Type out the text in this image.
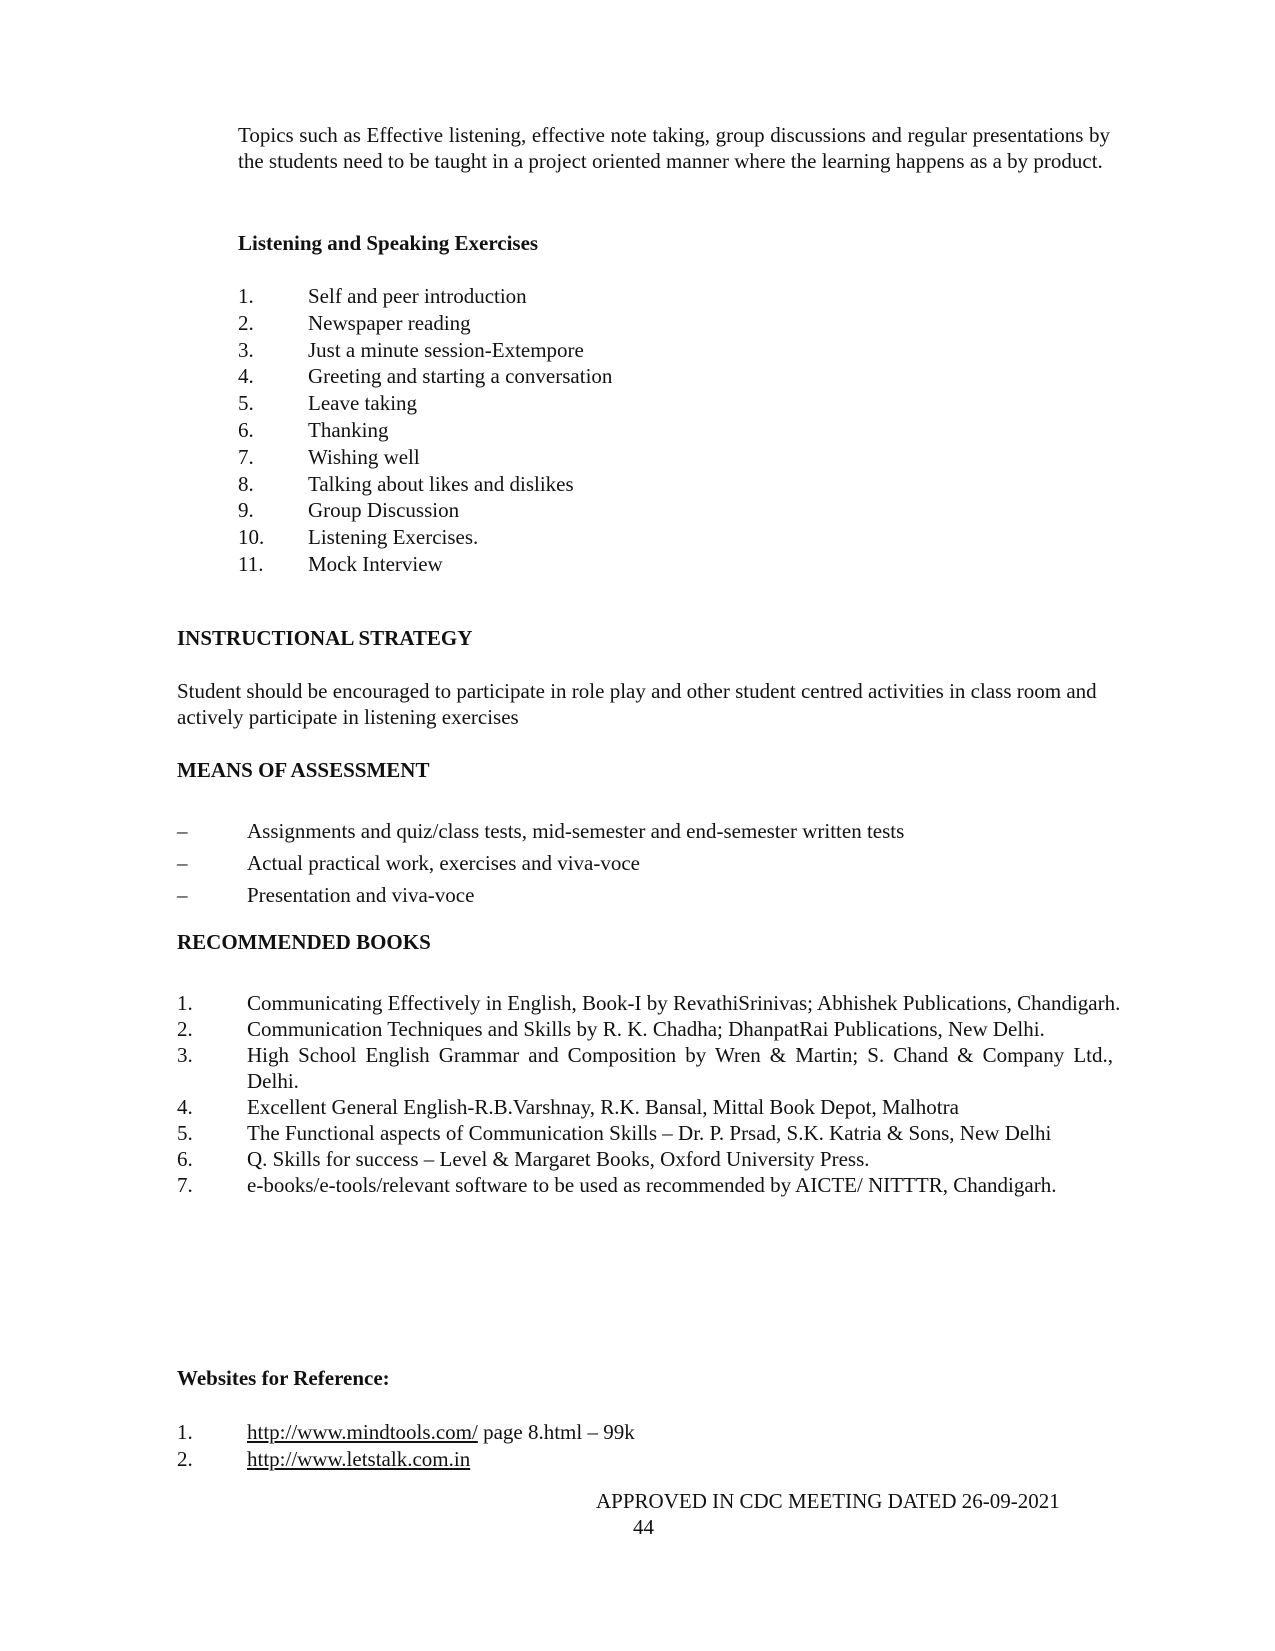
Topics such as Effective listening, effective note taking, group discussions and regular presentations by the students need to be taught in a project oriented manner where the learning happens as a by product.

Listening and Speaking Exercises
1.	Self and peer introduction
2.	Newspaper reading
3.	Just a minute session-Extempore
4.	Greeting and starting a conversation
5.	Leave taking
6.	Thanking
7.	Wishing well
8.	Talking about likes and dislikes
9.	Group Discussion
10.	Listening Exercises.
11.	Mock Interview
INSTRUCTIONAL STRATEGY

Student should be encouraged to participate in role play and other student centred activities in class room and actively participate in listening exercises

MEANS OF ASSESSMENT
–	Assignments and quiz/class tests, mid-semester and end-semester written tests
–	Actual practical work, exercises and viva-voce
–	Presentation and viva-voce
RECOMMENDED BOOKS
1.	Communicating Effectively in English, Book-I by RevathiSrinivas; Abhishek Publications, Chandigarh.
2.	Communication Techniques and Skills by R. K. Chadha; DhanpatRai Publications, New Delhi.
3.	High School English Grammar and Composition by Wren & Martin; S. Chand & Company Ltd., Delhi.
4.	Excellent General English-R.B.Varshnay, R.K. Bansal, Mittal Book Depot, Malhotra
5.	The Functional aspects of Communication Skills – Dr. P. Prsad, S.K. Katria & Sons, New Delhi
6.	Q. Skills for success – Level & Margaret Books, Oxford University Press.
7.	e-books/e-tools/relevant software to be used as recommended by AICTE/ NITTTR, Chandigarh.
Websites for Reference:
1.	http://www.mindtools.com/ page 8.html – 99k
2.	http://www.letstalk.com.in

APPROVED IN CDC MEETING DATED 26-09-2021

44
